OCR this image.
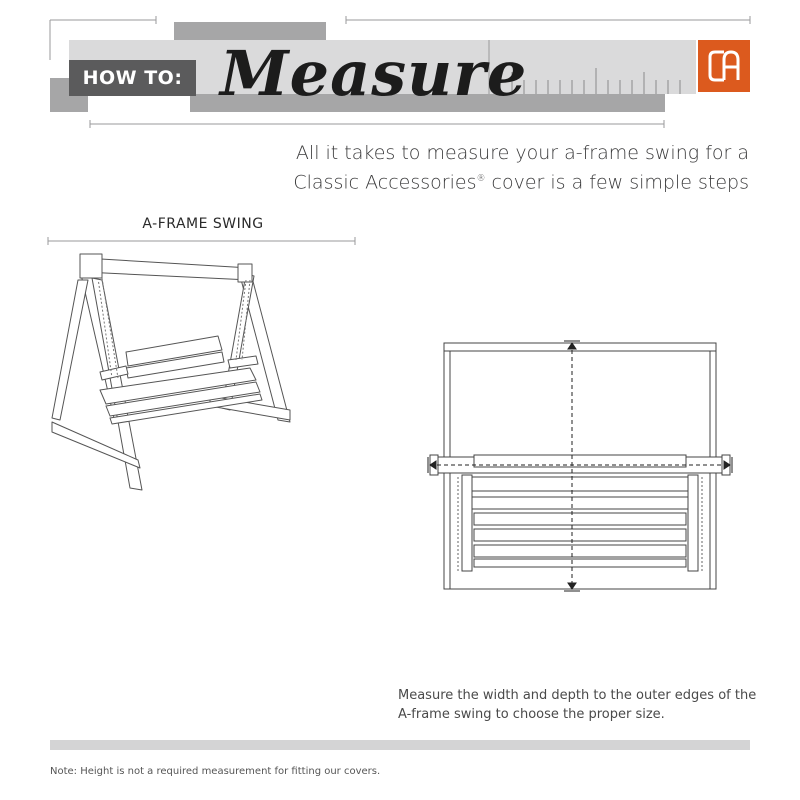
HOW TO: Measure
All it takes to measure your a-frame swing for a
Classic Accessories® cover is a few simple steps
A-FRAME SWING
Measure the width and depth to the outer edges of the A-frame swing to choose the proper size.
Note: Height is not a required measurement for fitting our covers.
